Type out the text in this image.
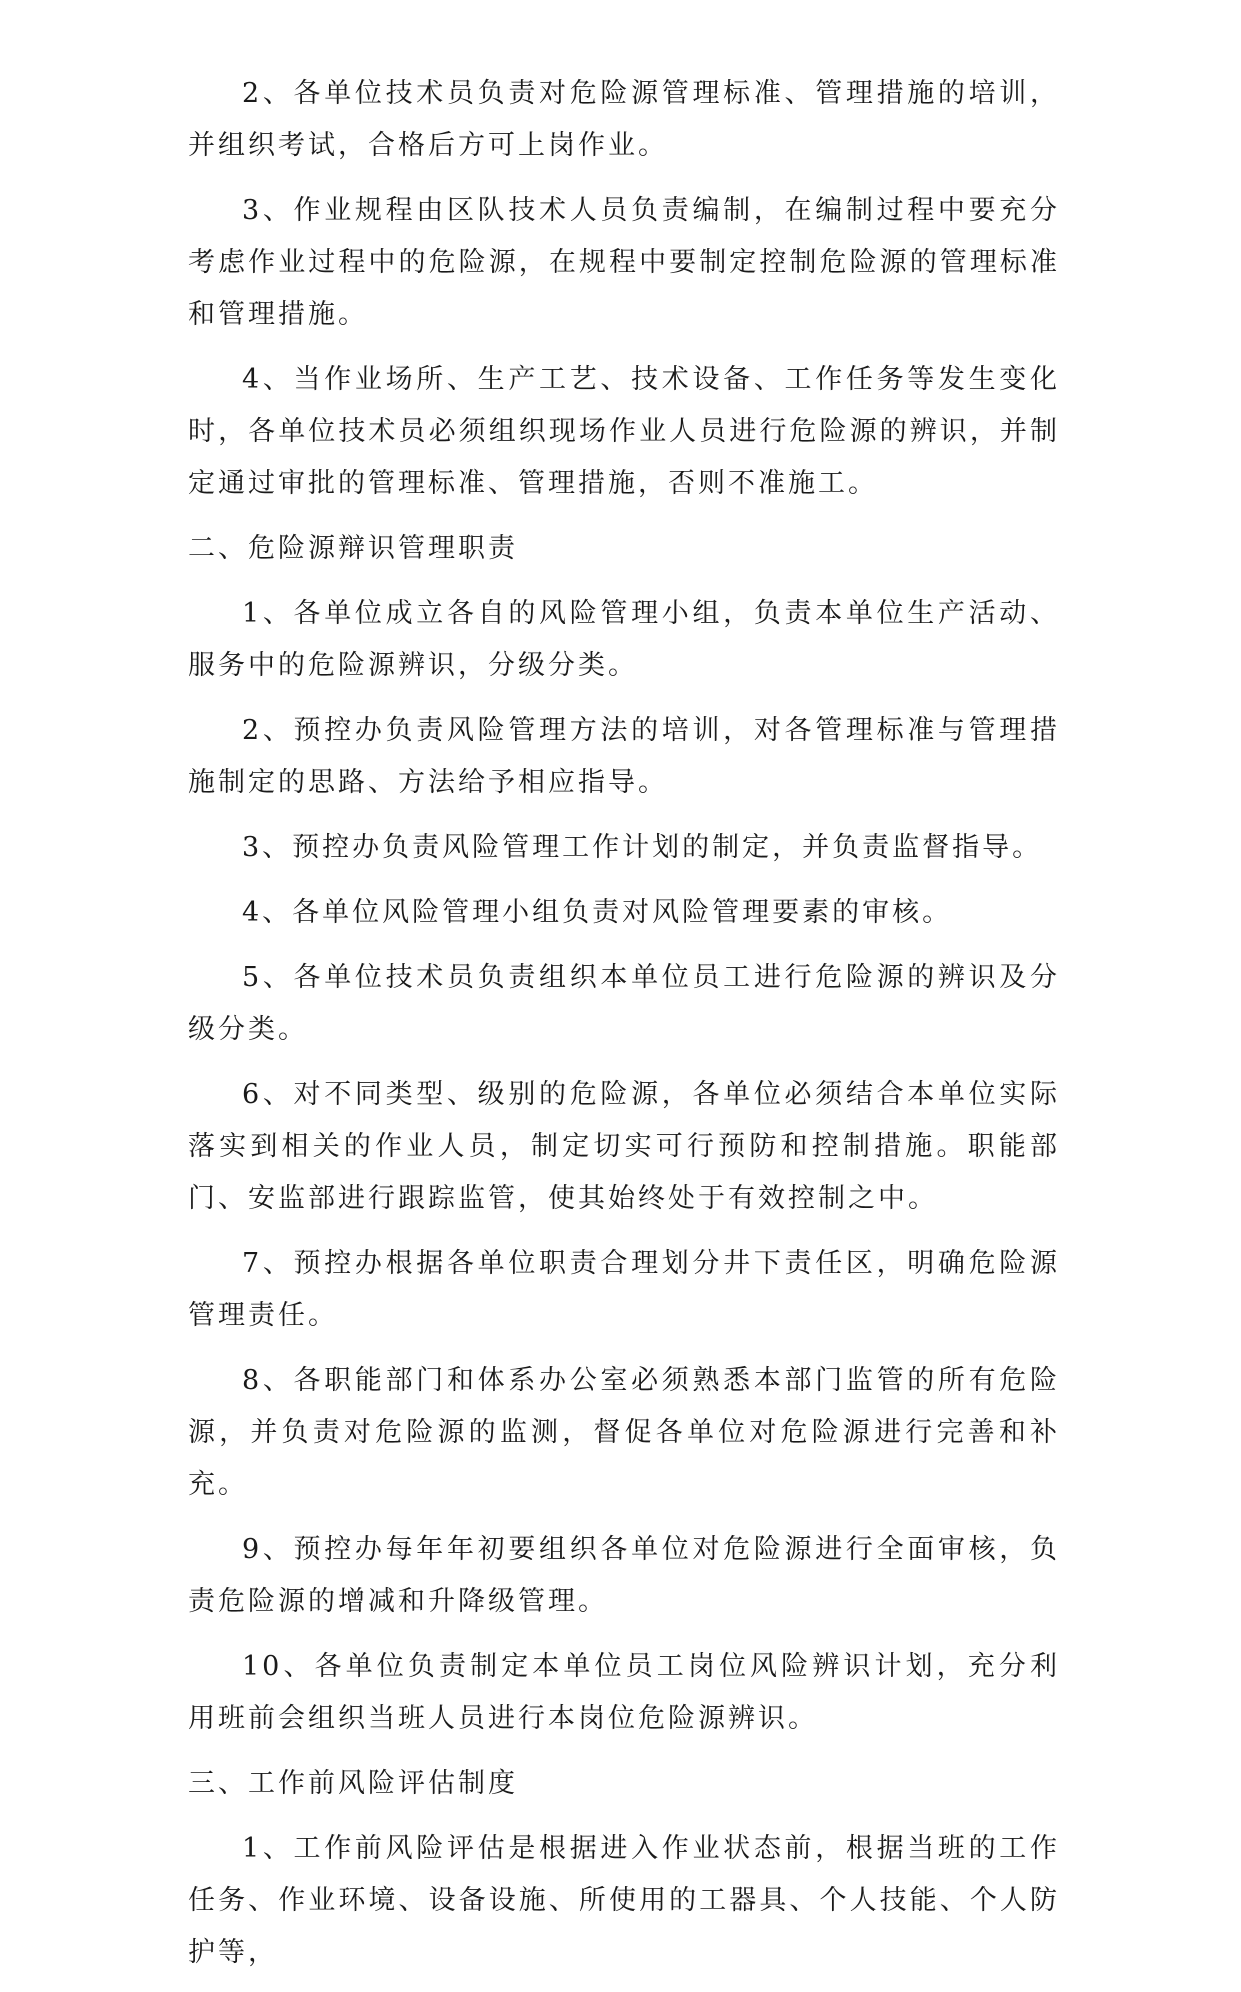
2、各单位技术员负责对危险源管理标准、管理措施的培训，并组织考试，合格后方可上岗作业。

3、作业规程由区队技术人员负责编制，在编制过程中要充分考虑作业过程中的危险源，在规程中要制定控制危险源的管理标准和管理措施。

4、当作业场所、生产工艺、技术设备、工作任务等发生变化时，各单位技术员必须组织现场作业人员进行危险源的辨识，并制定通过审批的管理标准、管理措施，否则不准施工。

二、危险源辩识管理职责

1、各单位成立各自的风险管理小组，负责本单位生产活动、服务中的危险源辨识，分级分类。

2、预控办负责风险管理方法的培训，对各管理标准与管理措施制定的思路、方法给予相应指导。

3、预控办负责风险管理工作计划的制定，并负责监督指导。

4、各单位风险管理小组负责对风险管理要素的审核。

5、各单位技术员负责组织本单位员工进行危险源的辨识及分级分类。

6、对不同类型、级别的危险源，各单位必须结合本单位实际落实到相关的作业人员，制定切实可行预防和控制措施。职能部门、安监部进行跟踪监管，使其始终处于有效控制之中。

7、预控办根据各单位职责合理划分井下责任区，明确危险源管理责任。

8、各职能部门和体系办公室必须熟悉本部门监管的所有危险源，并负责对危险源的监测，督促各单位对危险源进行完善和补充。

9、预控办每年年初要组织各单位对危险源进行全面审核，负责危险源的增减和升降级管理。

10、各单位负责制定本单位员工岗位风险辨识计划，充分利用班前会组织当班人员进行本岗位危险源辨识。

三、工作前风险评估制度

1、工作前风险评估是根据进入作业状态前，根据当班的工作任务、作业环境、设备设施、所使用的工器具、个人技能、个人防护等，
